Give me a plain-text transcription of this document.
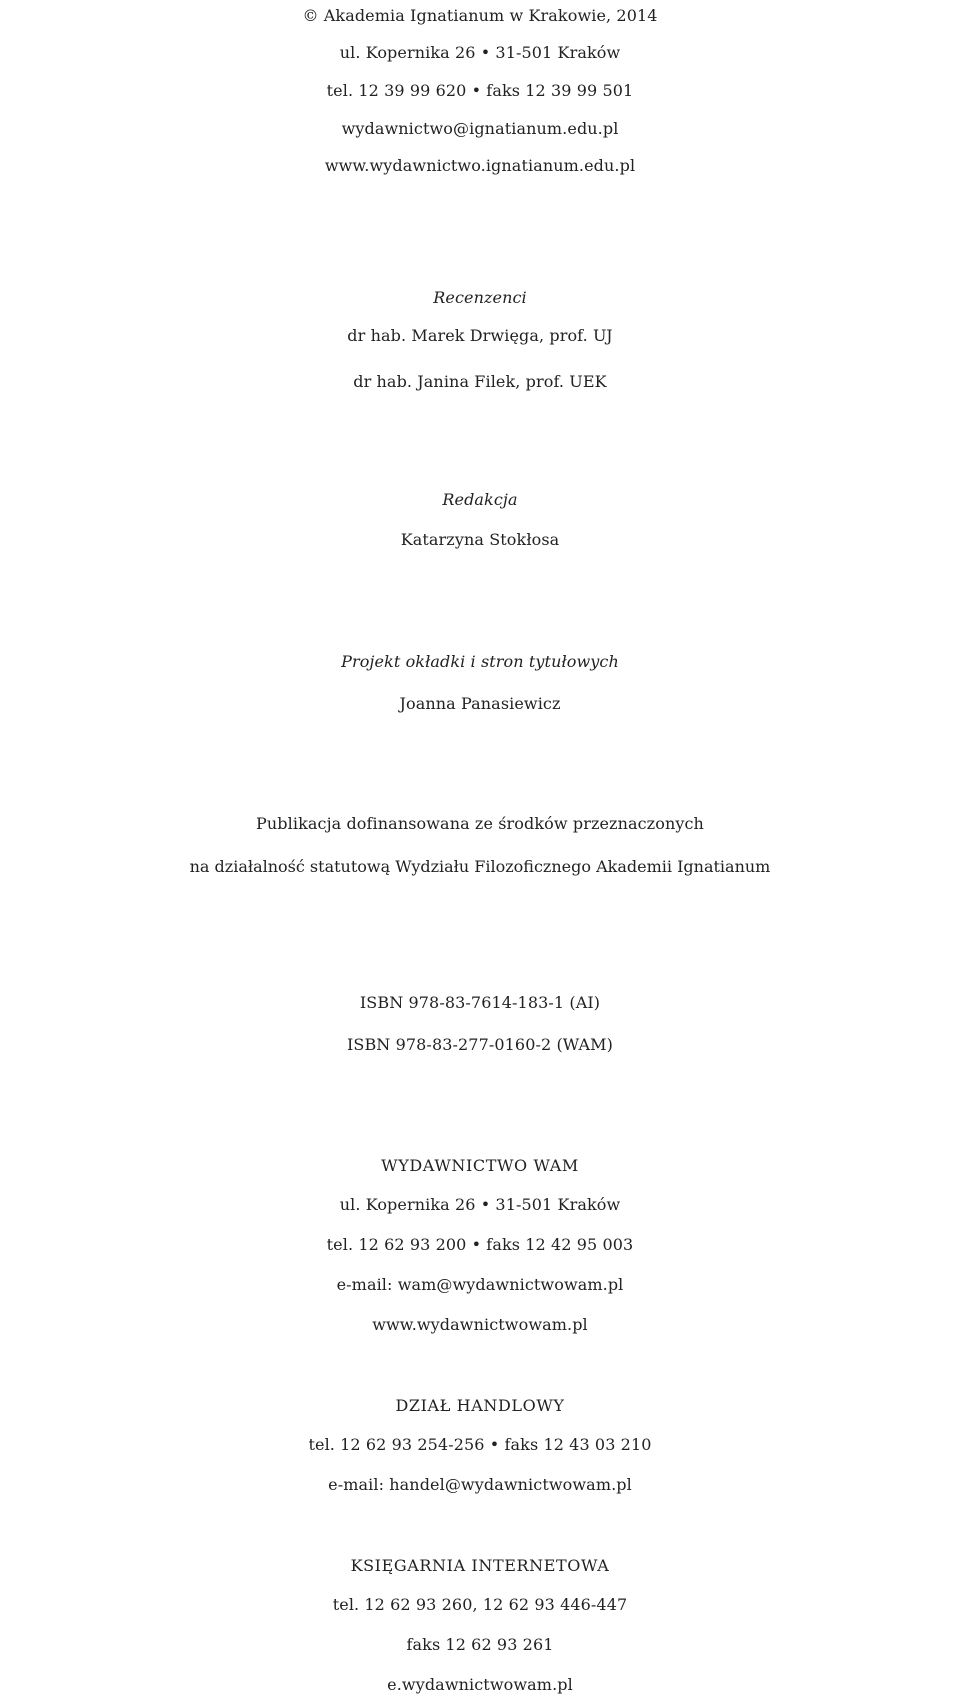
© Akademia Ignatianum w Krakowie, 2014
ul. Kopernika 26 • 31-501 Kraków
tel. 12 39 99 620 • faks 12 39 99 501
wydawnictwo@ignatianum.edu.pl
www.wydawnictwo.ignatianum.edu.pl
Recenzenci
dr hab. Marek Drwięga, prof. UJ
dr hab. Janina Filek, prof. UEK
Redakcja
Katarzyna Stokłosa
Projekt okładki i stron tytułowych
Joanna Panasiewicz
Publikacja dofinansowana ze środków przeznaczonych
na działalność statutową Wydziału Filozoficznego Akademii Ignatianum
ISBN 978-83-7614-183-1 (AI)
ISBN 978-83-277-0160-2 (WAM)
WYDAWNICTWO WAM
ul. Kopernika 26 • 31-501 Kraków
tel. 12 62 93 200 • faks 12 42 95 003
e-mail: wam@wydawnictwowam.pl
www.wydawnictwowam.pl
DZIAŁ HANDLOWY
tel. 12 62 93 254-256 • faks 12 43 03 210
e-mail: handel@wydawnictwowam.pl
KSIĘGARNIA INTERNETOWA
tel. 12 62 93 260, 12 62 93 446-447
faks 12 62 93 261
e.wydawnictwowam.pl
